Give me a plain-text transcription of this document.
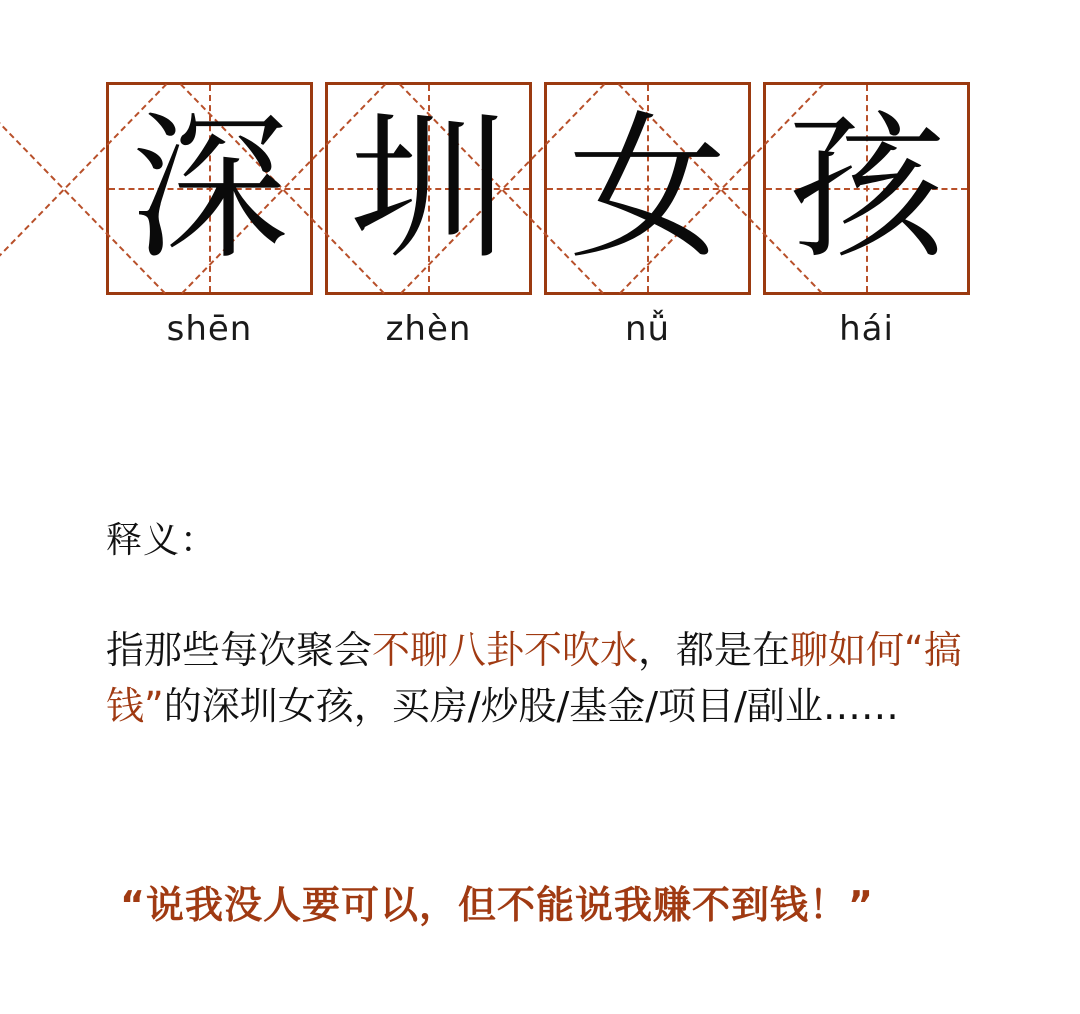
深
shēn
圳
zhèn
女
nǚ
孩
hái
释义：
指那些每次聚会不聊八卦不吹水，都是在聊如何“搞钱”的深圳女孩，买房/炒股/基金/项目/副业……
“说我没人要可以，但不能说我赚不到钱！”
